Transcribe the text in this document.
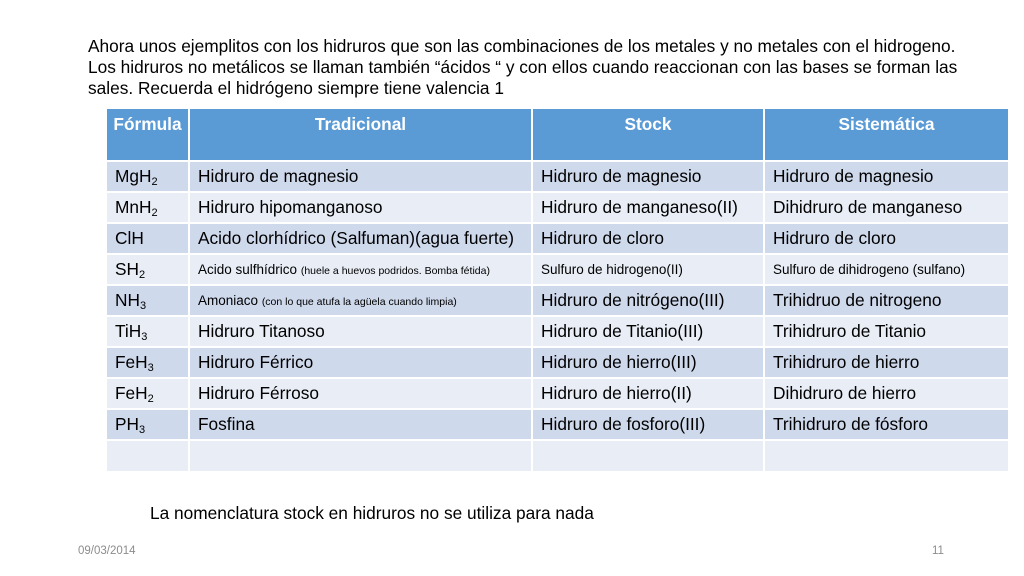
Ahora unos ejemplitos con los hidruros que son las combinaciones de los metales y no metales con el hidrogeno. Los hidruros no metálicos se llaman también “ácidos “ y con ellos cuando reaccionan con las bases se forman las sales. Recuerda el hidrógeno siempre tiene valencia 1

Fórmula	Tradicional	Stock	Sistemática
MgH$_2$	Hidruro de magnesio	Hidruro de magnesio	Hidruro de magnesio
MnH$_2$	Hidruro hipomanganoso	Hidruro de manganeso(II)	Dihidruro de manganeso
ClH	Acido clorhídrico (Salfuman)(agua fuerte)	Hidruro de cloro	Hidruro de cloro
$SH_2$	Acido sulfhídrico (huele a huevos podridos. Bomba fétida)	Sulfuro de hidrogeno(II)	Sulfuro de dihidrogeno (sulfano)
$NH_3$	Amoniaco (con lo que atufa la agüela cuando limpia)	Hidruro de nitrógeno(III)	Trihidruo de nitrogeno
TiH$_3$	Hidruro Titanoso	Hidruro de Titanio(III)	Trihidruro de Titanio
FeH$_3$	Hidruro Férrico	Hidruro de hierro(III)	Trihidruro de hierro
FeH$_2$	Hidruro Férroso	Hidruro de hierro(II)	Dihidruro de hierro
$PH_3$	Fosfina	Hidruro de fosforo(III)	Trihidruro de fósforo

La nomenclatura stock en hidruros no se utiliza para nada

09/03/2014	11
